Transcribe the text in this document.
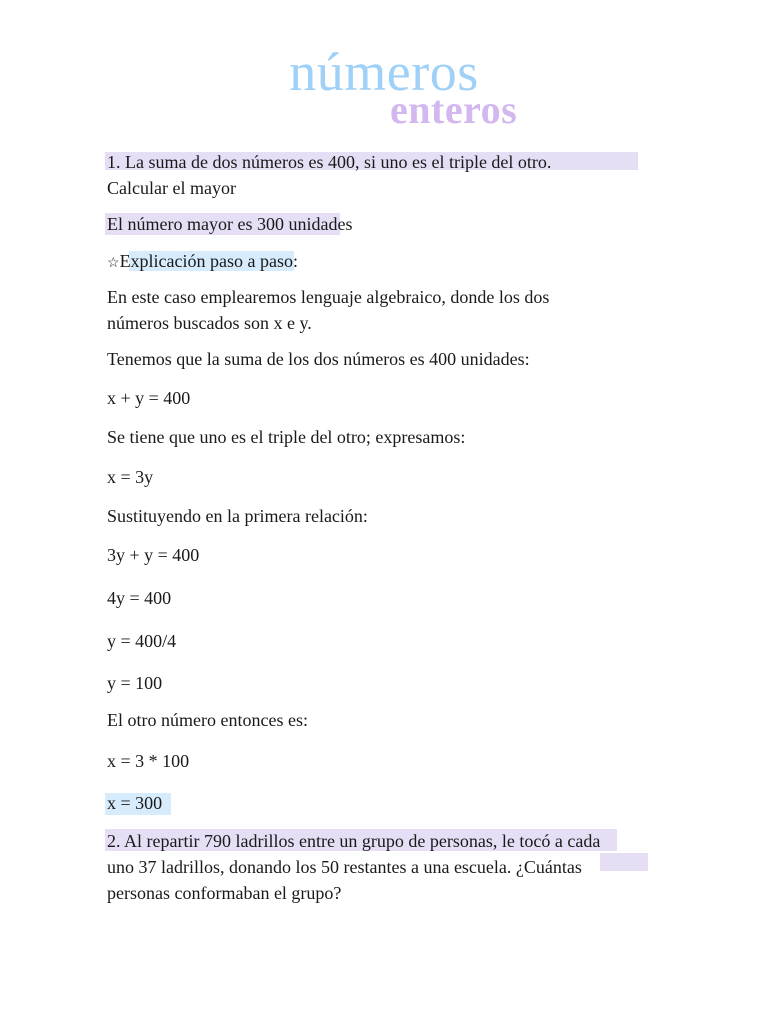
números
enteros

1. La suma de dos números es 400, si uno es el triple del otro.

Calcular el mayor

El número mayor es 300 unidades

☆Explicación paso a paso:

En este caso emplearemos lenguaje algebraico, donde los dos

números buscados son x e y.

Tenemos que la suma de los dos números es 400 unidades:

x + y = 400

Se tiene que uno es el triple del otro; expresamos:

x = 3y

Sustituyendo en la primera relación:

3y + y = 400

4y = 400

y = 400/4

y = 100

El otro número entonces es:

x = 3 * 100

x = 300

2. Al repartir 790 ladrillos entre un grupo de personas, le tocó a cada

uno 37 ladrillos, donando los 50 restantes a una escuela. ¿Cuántas

personas conformaban el grupo?
